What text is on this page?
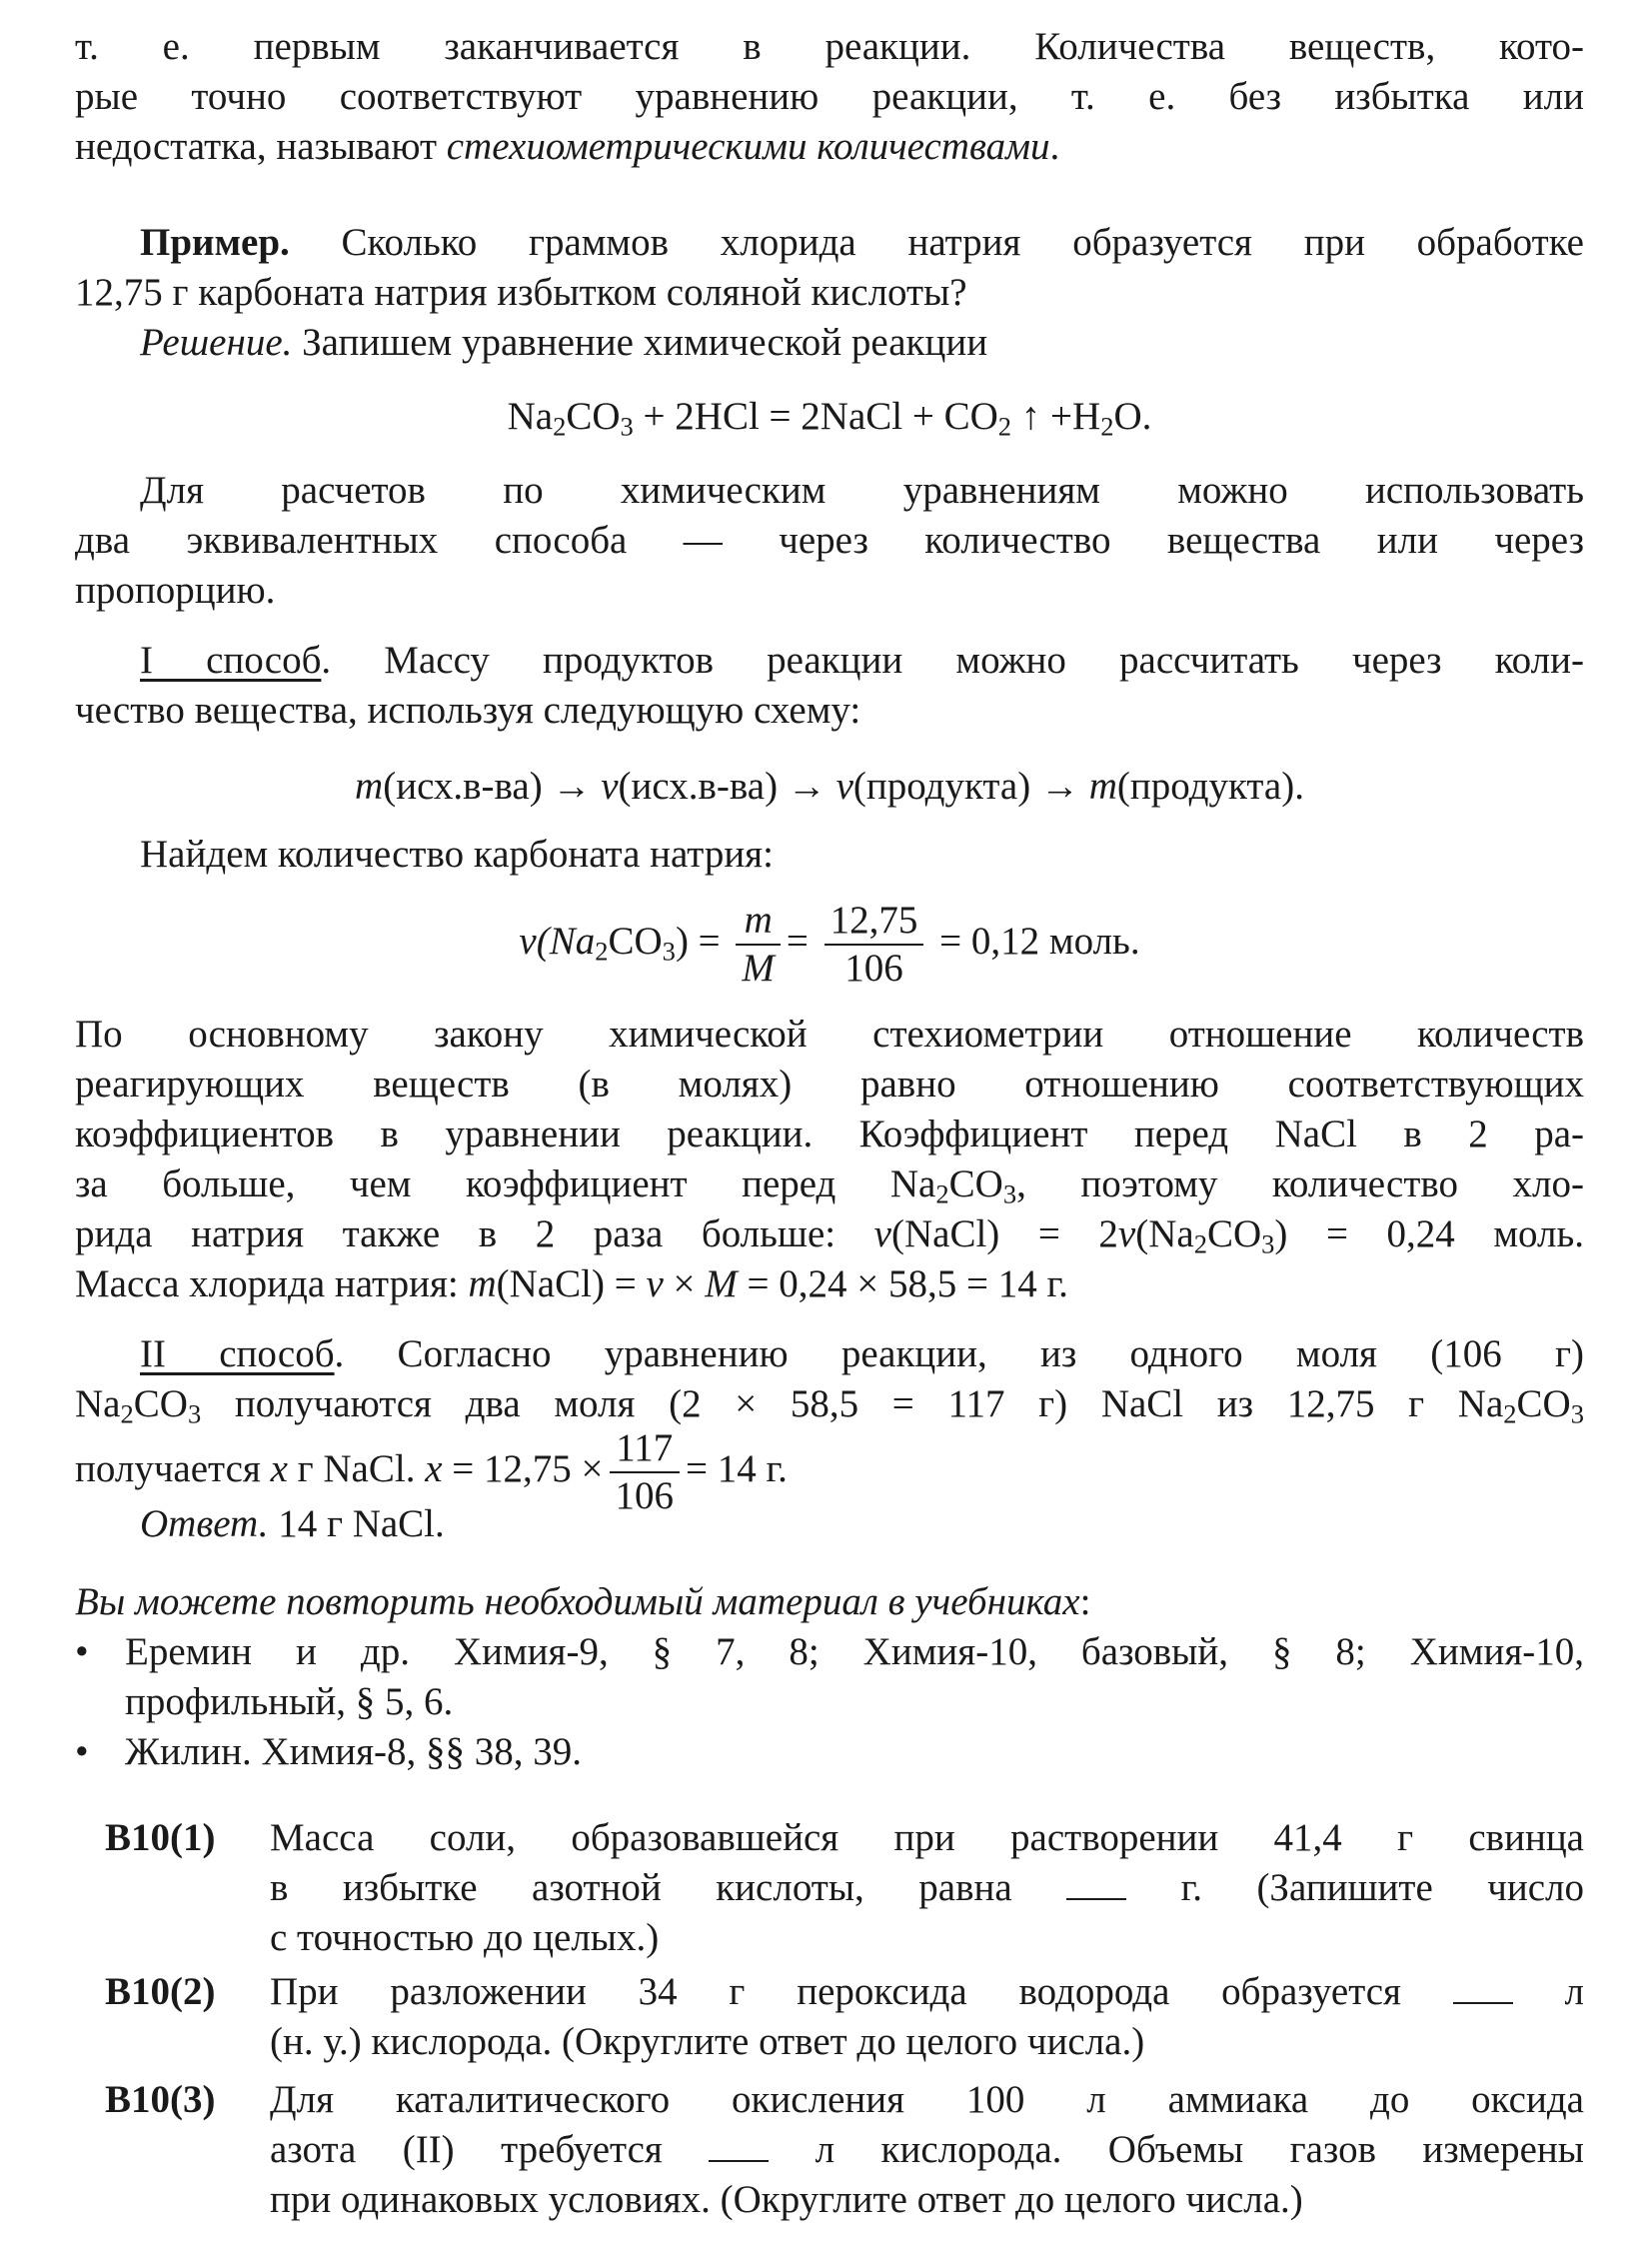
т. е. первым заканчивается в реакции. Количества веществ, кото-
рые точно соответствуют уравнению реакции, т. е. без избытка или
недостатка, называют стехиометрическими количествами.
Пример. Сколько граммов хлорида натрия образуется при обработке
12,75 г карбоната натрия избытком соляной кислоты?
Решение. Запишем уравнение химической реакции
$Na_2CO_3 + 2HCl$ = 2NaCl + $CO_2$ ↑ $+H_2O$.
Для расчетов по химическим уравнениям можно использовать
два эквивалентных способа — через количество вещества или через
пропорцию.
I способ. Массу продуктов реакции можно рассчитать через коли-
чество вещества, используя следующую схему:
m(исх.в-ва) → ν(исх.в-ва) → ν(продукта) → m(продукта).
Найдем количество карбоната натрия:
$\nu(Na_2CO_3) = \frac{m}{M} = \frac{12,75}{106} = 0,12$ моль.
По основному закону химической стехиометрии отношение количеств
реагирующих веществ (в молях) равно отношению соответствующих
коэффициентов в уравнении реакции. Коэффициент перед NaCl в 2 ра-
за больше, чем коэффициент перед $Na_2CO_3$, поэтому количество хло-
рида натрия также в 2 раза больше: ν(NaCl) = $2\nu(Na_2CO_3) = 0,24$ моль.
Масса хлорида натрия: m(NaCl) = ν × M = 0,24 × 58,5 = 14 г.
II способ. Согласно уравнению реакции, из одного моля (106 г)
$Na_2CO_3$ получаются два моля (2 × 58,5 = 117 г) NaCl из 12,75 г $Na_2CO_3$
получается x г NaCl. $x = 12,75 \times \frac{117}{106} = 14$ г.
Ответ. 14 г NaCl.
Вы можете повторить необходимый материал в учебниках:
• Еремин и др. Химия-9, § 7, 8; Химия-10, базовый, § 8; Химия-10,
профильный, § 5, 6.
• Жилин. Химия-8, §§ 38, 39.
B10(1) Масса соли, образовавшейся при растворении 41,4 г свинца
в избытке азотной кислоты, равна  г. (Запишите число
с точностью до целых.)
B10(2) При разложении 34 г пероксида водорода образуется  л
(н. у.) кислорода. (Округлите ответ до целого числа.)
B10(3) Для каталитического окисления 100 л аммиака до оксида
азота (II) требуется  л кислорода. Объемы газов измерены
при одинаковых условиях. (Округлите ответ до целого числа.)
